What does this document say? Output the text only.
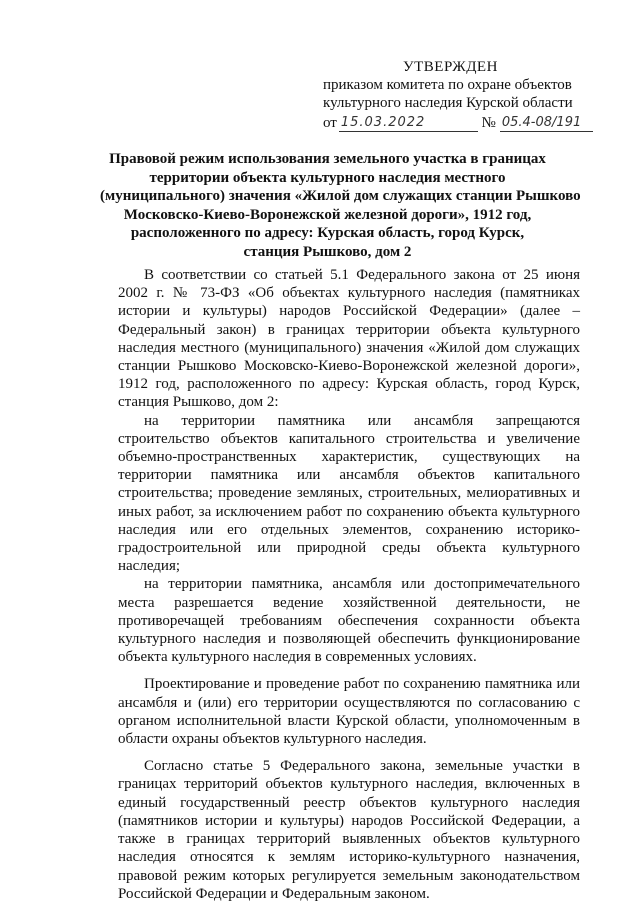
УТВЕРЖДЕН
приказом комитета по охране объектов
культурного наследия Курской области
от 15.03.2022	№ 05.4-08/191
Правовой режим использования земельного участка в границах
территории объекта культурного наследия местного
(муниципального) значения «Жилой дом служащих станции Рышково
Московско-Киево-Воронежской железной дороги», 1912 год,
расположенного по адресу: Курская область, город Курск,
станция Рышково, дом 2

В соответствии со статьей 5.1 Федерального закона от 25 июня 2002 г. № 73-ФЗ «Об объектах культурного наследия (памятниках истории и культуры) народов Российской Федерации» (далее – Федеральный закон) в границах территории объекта культурного наследия местного (муниципального) значения «Жилой дом служащих станции Рышково Московско-Киево-Воронежской железной дороги», 1912 год, расположенного по адресу: Курская область, город Курск, станция Рышково, дом 2:

на территории памятника или ансамбля запрещаются строительство объектов капитального строительства и увеличение объемно-пространственных характеристик, существующих на территории памятника или ансамбля объектов капитального строительства; проведение земляных, строительных, мелиоративных и иных работ, за исключением работ по сохранению объекта культурного наследия или его отдельных элементов, сохранению историко-градостроительной или природной среды объекта культурного наследия;

на территории памятника, ансамбля или достопримечательного места разрешается ведение хозяйственной деятельности, не противоречащей требованиям обеспечения сохранности объекта культурного наследия и позволяющей обеспечить функционирование объекта культурного наследия в современных условиях.

Проектирование и проведение работ по сохранению памятника или ансамбля и (или) его территории осуществляются по согласованию с органом исполнительной власти Курской области, уполномоченным в области охраны объектов культурного наследия.

Согласно статье 5 Федерального закона, земельные участки в границах территорий объектов культурного наследия, включенных в единый государственный реестр объектов культурного наследия (памятников истории и культуры) народов Российской Федерации, а также в границах территорий выявленных объектов культурного наследия относятся к землям историко-культурного назначения, правовой режим которых регулируется земельным законодательством Российской Федерации и Федеральным законом.
